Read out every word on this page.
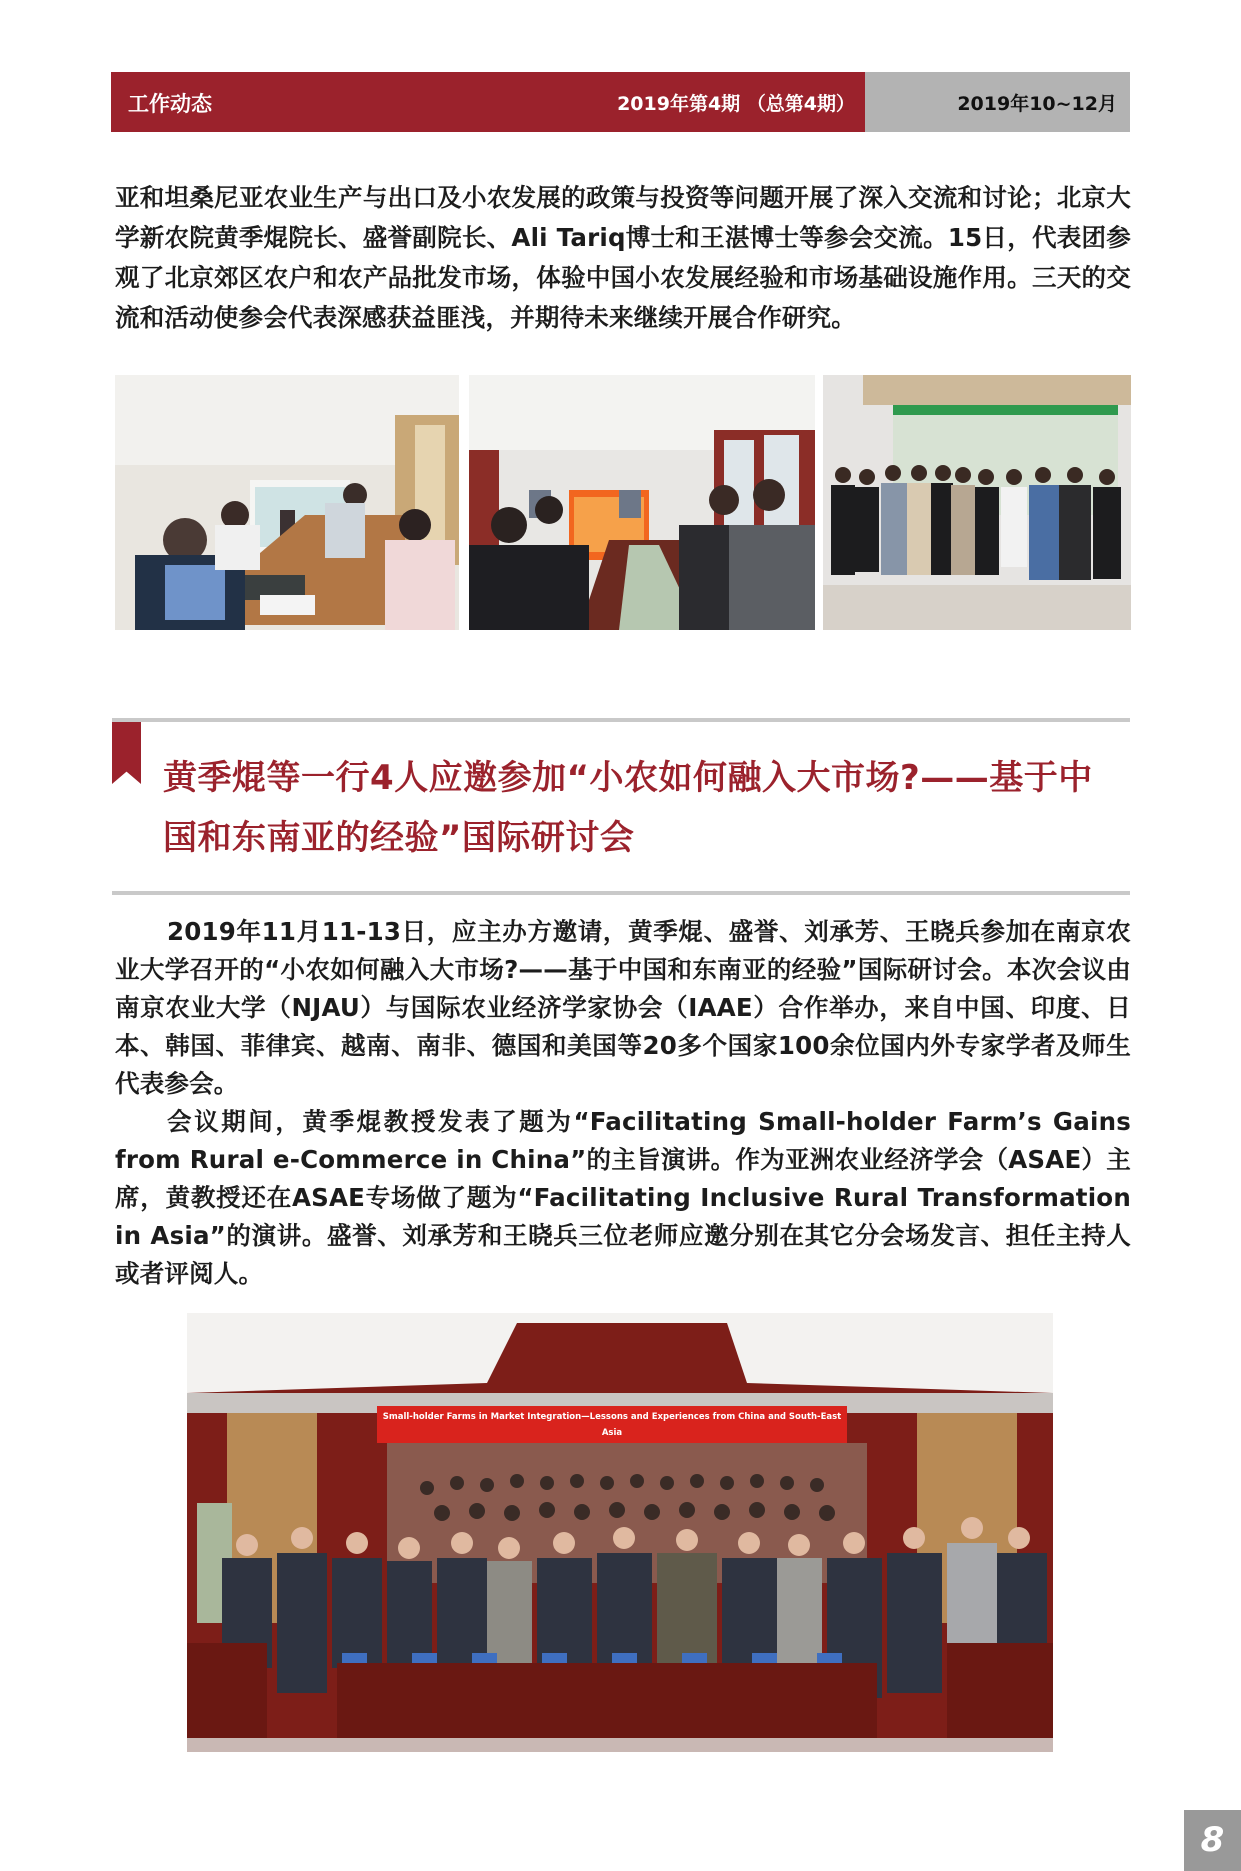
工作动态	2019年第4期 （总第4期）	2019年10~12月
亚和坦桑尼亚农业生产与出口及小农发展的政策与投资等问题开展了深入交流和讨论；北京大学新农院黄季焜院长、盛誉副院长、Ali Tariq博士和王湛博士等参会交流。15日，代表团参观了北京郊区农户和农产品批发市场，体验中国小农发展经验和市场基础设施作用。三天的交流和活动使参会代表深感获益匪浅，并期待未来继续开展合作研究。
黄季焜等一行4人应邀参加“小农如何融入大市场?——基于中国和东南亚的经验”国际研讨会
2019年11月11-13日，应主办方邀请，黄季焜、盛誉、刘承芳、王晓兵参加在南京农业大学召开的“小农如何融入大市场?——基于中国和东南亚的经验”国际研讨会。本次会议由南京农业大学（NJAU）与国际农业经济学家协会（IAAE）合作举办，来自中国、印度、日本、韩国、菲律宾、越南、南非、德国和美国等20多个国家100余位国内外专家学者及师生代表参会。
会议期间，黄季焜教授发表了题为“Facilitating Small-holder Farm’s Gains from Rural e-Commerce in China”的主旨演讲。作为亚洲农业经济学会（ASAE）主席，黄教授还在ASAE专场做了题为“Facilitating Inclusive Rural Transformation in Asia”的演讲。盛誉、刘承芳和王晓兵三位老师应邀分别在其它分会场发言、担任主持人或者评阅人。
Small-holder Farms in Market Integration—Lessons and Experiences from China and South-East Asia
8
